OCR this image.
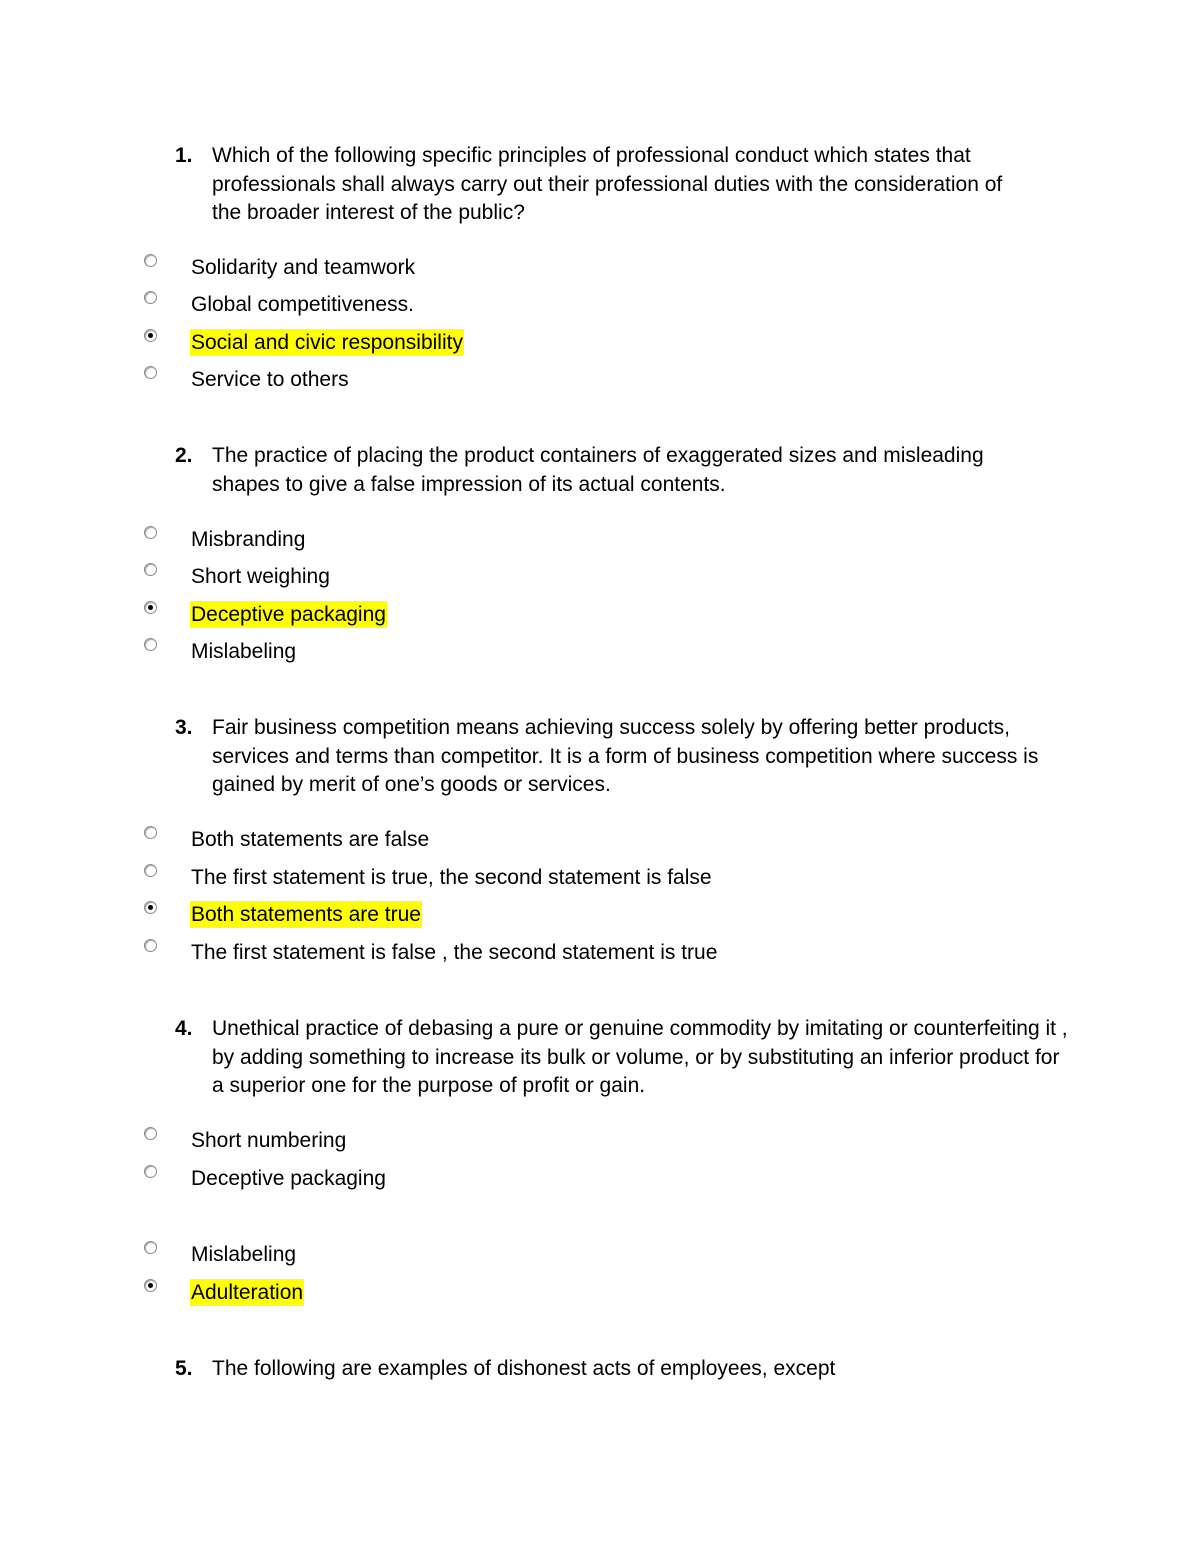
1. Which of the following specific principles of professional conduct which states that professionals shall always carry out their professional duties with the consideration of the broader interest of the public?
Solidarity and teamwork
Global competitiveness.
Social and civic responsibility
Service to others
2. The practice of placing the product containers of exaggerated sizes and misleading shapes to give a false impression of its actual contents.
Misbranding
Short weighing
Deceptive packaging
Mislabeling
3. Fair business competition means achieving success solely by offering better products, services and terms than competitor. It is a form of business competition where success is gained by merit of one’s goods or services.
Both statements are false
The first statement is true, the second statement is false
Both statements are true
The first statement is false , the second statement is true
4. Unethical practice of debasing a pure or genuine commodity by imitating or counterfeiting it , by adding something to increase its bulk or volume, or by substituting an inferior product for a superior one for the purpose of profit or gain.
Short numbering
Deceptive packaging
Mislabeling
Adulteration
5. The following are examples of dishonest acts of employees, except
